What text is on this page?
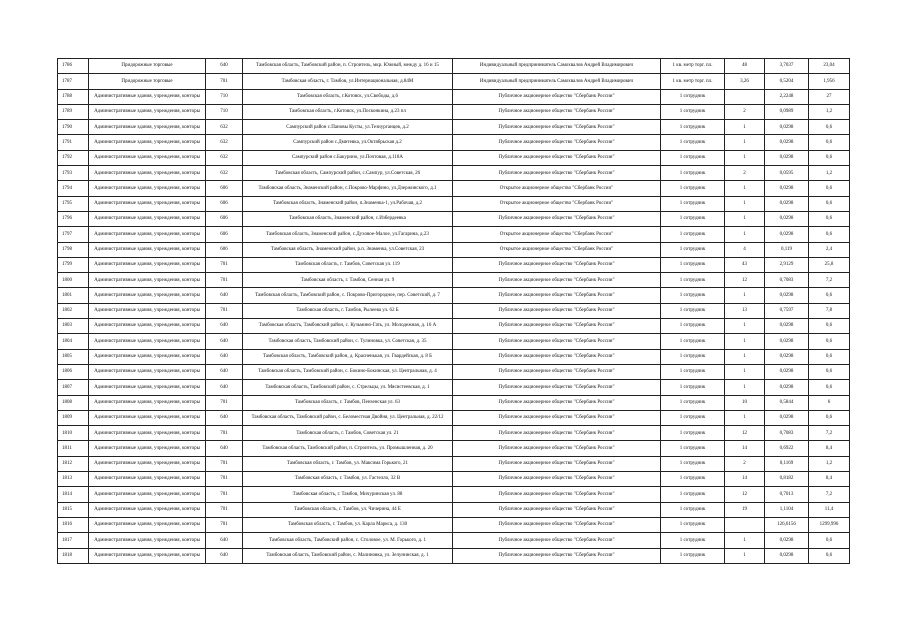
1786	Придорожные торговые	640	Тамбовская область, Тамбовский район, п. Строитель, мкр. Южный, между д. 16 и 15	Индивидуальный предприниматель Самохвалов Андрей Владимирович	1 кв. метр торг. пл.	48	3,7037	23,04
1787	Придорожные торговые	701	Тамбовская область, г. Тамбов, ул.Интернациональная, д.84М	Индивидуальный предприниматель Самохвалов Андрей Владимирович	1 кв. метр торг. пл.	3,26	0,5204	1,956
1788	Административные здания, учреждения, конторы	710	Тамбовская область, г.Котовск, ул.Свободы, д.6	Публичное акционерное общество "Сбербанк России"	1 сотрудник		2,2248	27
1789	Административные здания, учреждения, конторы	710	Тамбовская область, г.Котовск, ул.Посконкина, д.23 пл	Публичное акционерное общество "Сбербанк России"	1 сотрудник	2	0,0989	1,2
1790	Административные здания, учреждения, конторы	632	Сампурский район с.Пановы Кусты, ул.Тезиурганцев, д.2	Публичное акционерное общество "Сбербанк России"	1 сотрудник	1	0,0298	0,6
1791	Административные здания, учреждения, конторы	632	Сампурский район с.Дмитевка, ул.Октябрьская д.2	Публичное акционерное общество "Сбербанк России"	1 сотрудник	1	0,0298	0,6
1792	Административные здания, учреждения, конторы	632	Сампурский район с.Бакурино, ул.Почтовая, д.118А	Публичное акционерное общество "Сбербанк России"	1 сотрудник	1	0,0298	0,6
1793	Административные здания, учреждения, конторы	632	Тамбовская область, Сампурский район, с.Сампур, ул.Советская, 26	Публичное акционерное общество "Сбербанк России"	1 сотрудник	2	0,0595	1,2
1794	Административные здания, учреждения, конторы	606	Тамбовская область, Знаменский район, с.Покрово-Марфино, ул.Дзержинского, д.1	Открытое акционерное общество "Сбербанк России"	1 сотрудник	1	0,0298	0,6
1795	Административные здания, учреждения, конторы	606	Тамбовская область, Знаменский район, п.Знаменка-1, ул.Рабочая, д.2	Открытое акционерное общество "Сбербанк России"	1 сотрудник	1	0,0298	0,6
1796	Административные здания, учреждения, конторы	606	Тамбовская область, Знаменский район, с.Избердеевка	Публичное акционерное общество "Сбербанк России"	1 сотрудник	1	0,0298	0,6
1797	Административные здания, учреждения, конторы	606	Тамбовская область, Знаменский район, с.Духовое-Малое, ул.Гагарина, д.23	Открытое акционерное общество "Сбербанк России"	1 сотрудник	1	0,0298	0,6
1798	Административные здания, учреждения, конторы	606	Тамбовская область, Знаменский район, р.п. Знаменка, ул.Советская, 23	Открытое акционерное общество "Сбербанк России"	1 сотрудник	4	0,119	2,4
1799	Административные здания, учреждения, конторы	701	Тамбовская область, г. Тамбов, Советская ул. 119	Публичное акционерное общество "Сбербанк России"	1 сотрудник	43	2,9129	25,8
1800	Административные здания, учреждения, конторы	701	Тамбовская область, г. Тамбов, Сенная ул. 9	Публичное акционерное общество "Сбербанк России"	1 сотрудник	12	0,7083	7,2
1801	Административные здания, учреждения, конторы	640	Тамбовская область, Тамбовский район, с. Покрово-Пригородное, пер. Советский, д. 7	Публичное акционерное общество "Сбербанк России"	1 сотрудник	1	0,0298	0,6
1802	Административные здания, учреждения, конторы	701	Тамбовская область, г. Тамбов, Рылеева ул. 62 Б	Публичное акционерное общество "Сбербанк России"	1 сотрудник	13	0,7597	7,8
1803	Административные здания, учреждения, конторы	640	Тамбовская область, Тамбовский район, с. Кузьмино-Гать, ул. Молодежная, д. 16 А	Публичное акционерное общество "Сбербанк России"	1 сотрудник	1	0,0298	0,6
1804	Административные здания, учреждения, конторы	640	Тамбовская область, Тамбовский район, с. Тулиновка, ул. Советская, д. 35	Публичное акционерное общество "Сбербанк России"	1 сотрудник	1	0,0298	0,6
1805	Административные здания, учреждения, конторы	640	Тамбовская область, Тамбовский район, д. Красненькая, ул. Гвардейская, д. 8 Б	Публичное акционерное общество "Сбербанк России"	1 сотрудник	1	0,0298	0,6
1806	Административные здания, учреждения, конторы	640	Тамбовская область, Тамбовский район, с. Бокино-Бокинская, ул. Центральная, д. 4	Публичное акционерное общество "Сбербанк России"	1 сотрудник	1	0,0298	0,6
1807	Административные здания, учреждения, конторы	640	Тамбовская область, Тамбовский район, с. Стрельцы, ул. Мясистеевская, д. 1	Публичное акционерное общество "Сбербанк России"	1 сотрудник	1	0,0298	0,6
1808	Административные здания, учреждения, конторы	701	Тамбовская область, г. Тамбов, Пензенская ул. 63	Публичное акционерное общество "Сбербанк России"	1 сотрудник	10	0,5844	6
1809	Административные здания, учреждения, конторы	640	Тамбовская область, Тамбовский район, с. Беломестная Двойня, ул. Центральная, д. 22/12	Публичное акционерное общество "Сбербанк России"	1 сотрудник	1	0,0298	0,6
1810	Административные здания, учреждения, конторы	701	Тамбовская область, г. Тамбов, Советская ул. 21	Публичное акционерное общество "Сбербанк России"	1 сотрудник	12	0,7083	7,2
1811	Административные здания, учреждения, конторы	640	Тамбовская область, Тамбовский район, п. Строитель, ул. Промышленная, д. 20	Публичное акционерное общество "Сбербанк России"	1 сотрудник	14	0,6922	8,4
1812	Административные здания, учреждения, конторы	701	Тамбовская область, г. Тамбов, ул. Максима Горького, 21	Публичное акционерное общество "Сбербанк России"	1 сотрудник	2	0,1169	1,2
1813	Административные здания, учреждения, конторы	701	Тамбовская область, г. Тамбов, ул. Гастелло, 32 В	Публичное акционерное общество "Сбербанк России"	1 сотрудник	14	0,8182	8,4
1814	Административные здания, учреждения, конторы	701	Тамбовская область, г. Тамбов, Мичуринская ул. 88	Публичное акционерное общество "Сбербанк России"	1 сотрудник	12	0,7013	7,2
1815	Административные здания, учреждения, конторы	701	Тамбовская область, г. Тамбов, ул. Чичерина, 44 Е	Публичное акционерное общество "Сбербанк России"	1 сотрудник	19	1,1104	11,4
1816	Административные здания, учреждения, конторы	701	Тамбовская область, г. Тамбов, ул. Карла Маркса, д. 130	Публичное акционерное общество "Сбербанк России"	1 сотрудник		126,6156	1299,996
1817	Административные здания, учреждения, конторы	640	Тамбовская область, Тамбовский район, с. Столовое, ул. М. Горького, д. 1	Публичное акционерное общество "Сбербанк России"	1 сотрудник	1	0,0298	0,6
1818	Административные здания, учреждения, конторы	640	Тамбовская область, Тамбовский район, с. Малиновка, ул. Зелунинская, д. 1	Публичное акционерное общество "Сбербанк России"	1 сотрудник	1	0,0298	0,6
